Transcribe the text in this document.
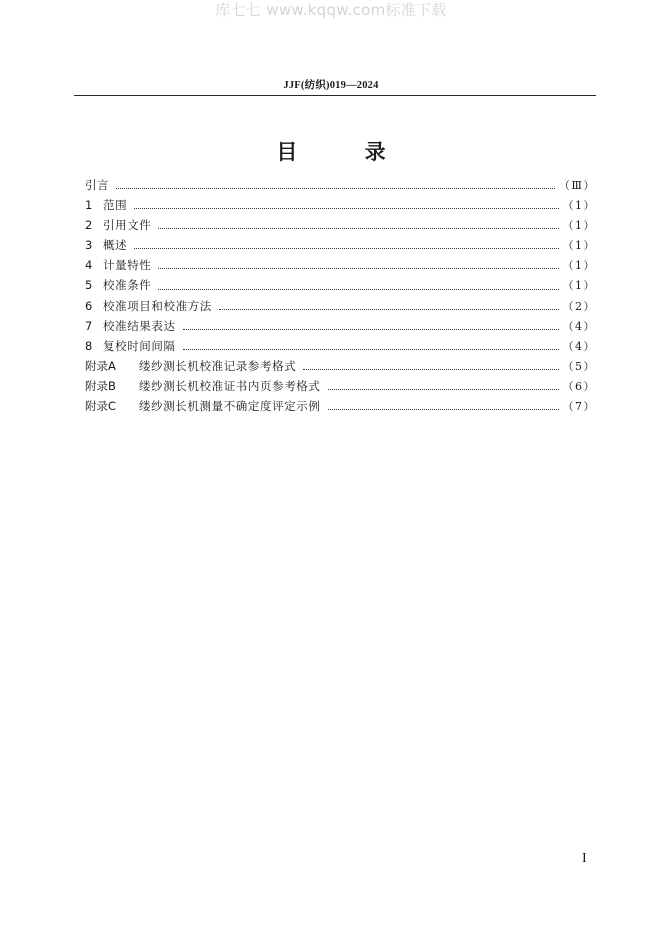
库七七 www.kqqw.com标准下载
JJF(纺织)019—2024
目 录
引言	（Ⅲ）
1 范围	（1）
2 引用文件	（1）
3 概述	（1）
4 计量特性	（1）
5 校准条件	（1）
6 校准项目和校准方法	（2）
7 校准结果表达	（4）
8 复校时间间隔	（4）
附录A	缕纱测长机校准记录参考格式	（5）
附录B	缕纱测长机校准证书内页参考格式	（6）
附录C	缕纱测长机测量不确定度评定示例	（7）
I
